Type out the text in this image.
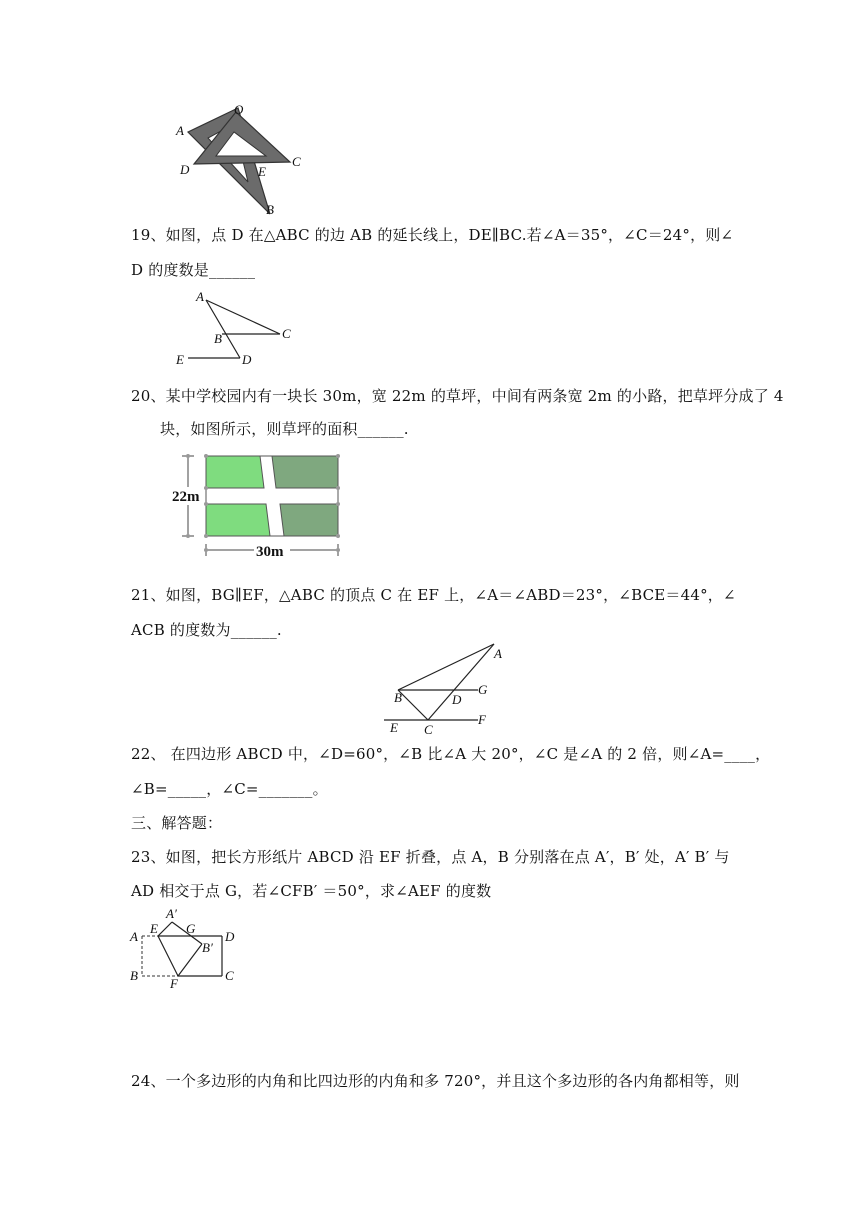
O
A
C
D	E
B
19、如图，点 D 在△ABC 的边 AB 的延长线上，DE∥BC.若∠A＝35°，∠C＝24°，则∠
D 的度数是______
A
B	C
D
E
20、某中学校园内有一块长 30m，宽 22m 的草坪，中间有两条宽 2m 的小路，把草坪分成了 4
块，如图所示，则草坪的面积______.
22m
30m
21、如图，BG∥EF，△ABC 的顶点 C 在 EF 上，∠A＝∠ABD＝23°，∠BCE＝44°，∠
ACB 的度数为______.
A
B
G
D
E C
F
22、 在四边形 ABCD 中，∠D=60°，∠B 比∠A 大 20°，∠C 是∠A 的 2 倍，则∠A=____，
∠B=_____，∠C=_______。
三、解答题：
23、如图，把长方形纸片 ABCD 沿 EF 折叠，点 A，B 分别落在点 A′，B′ 处，A′ B′ 与
AD 相交于点 G，若∠CFB′ ＝50°，求∠AEF 的度数
A′
A
E G
D
B′
B
F
C
24、一个多边形的内角和比四边形的内角和多 720°，并且这个多边形的各内角都相等，则
